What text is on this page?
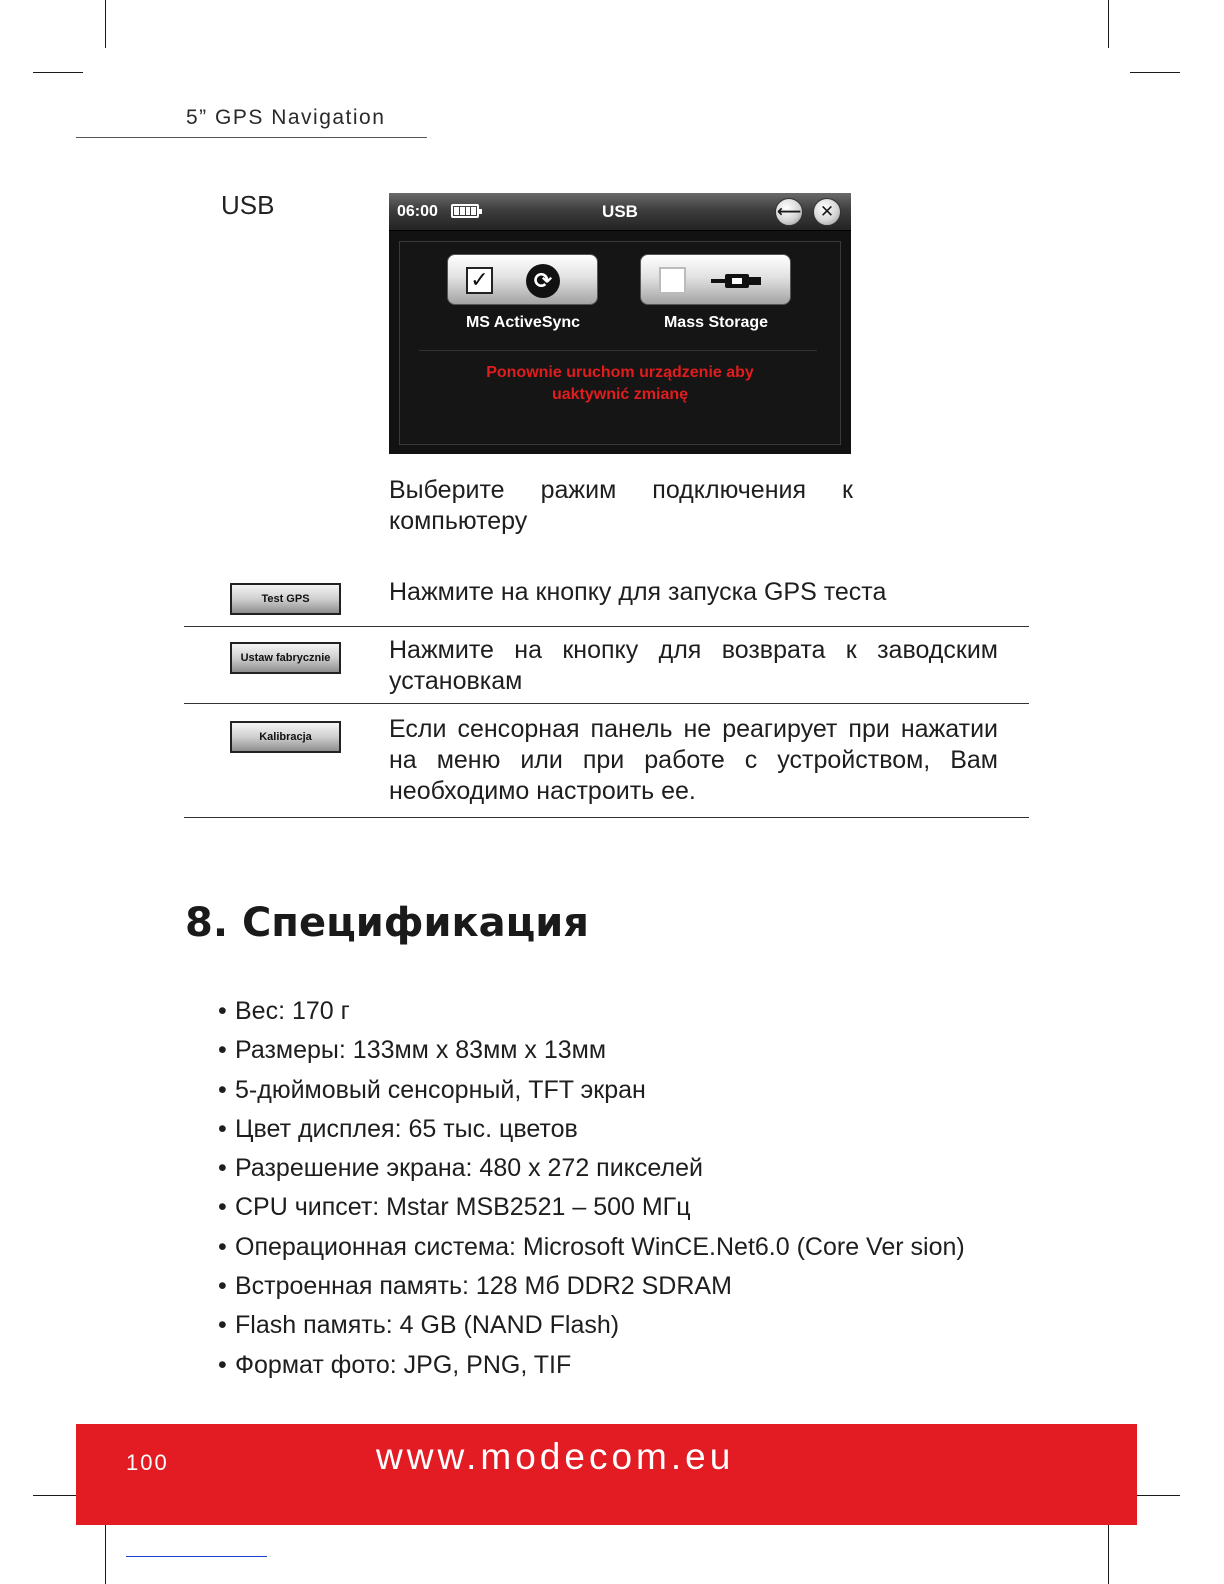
5” GPS Navigation
USB	06:00	USB	⟵	✕
✓	⟳
MS ActiveSync	Mass Storage
Ponownie uruchom urządzenie aby
uaktywnić zmianę
Выберите ражим подключения к компьютеру
Test GPS	Нажмите на кнопку для запуска GPS теста
Ustaw fabrycznie	Нажмите на кнопку для возврата к заводским установкам
Kalibracja	Если сенсорная панель не реагирует при нажатии на меню или при работе с устройством, Вам необходимо настроить ее.
8. Спецификация
• Вес: 170 г
• Размеры: 133мм x 83мм x 13мм
• 5-дюймовый сенсорный, TFT экран
• Цвет дисплея: 65 тыс. цветов
• Разрешение экрана: 480 x 272 пикселей
• CPU чипсет: Mstar MSB2521 – 500 МГц
• Операционная система: Microsoft WinCE.Net6.0 (Core Ver sion)
• Встроенная память: 128 Мб DDR2 SDRAM
• Flash память: 4 GB (NAND Flash)
• Формат фото: JPG, PNG, TIF
100	www.modecom.eu
